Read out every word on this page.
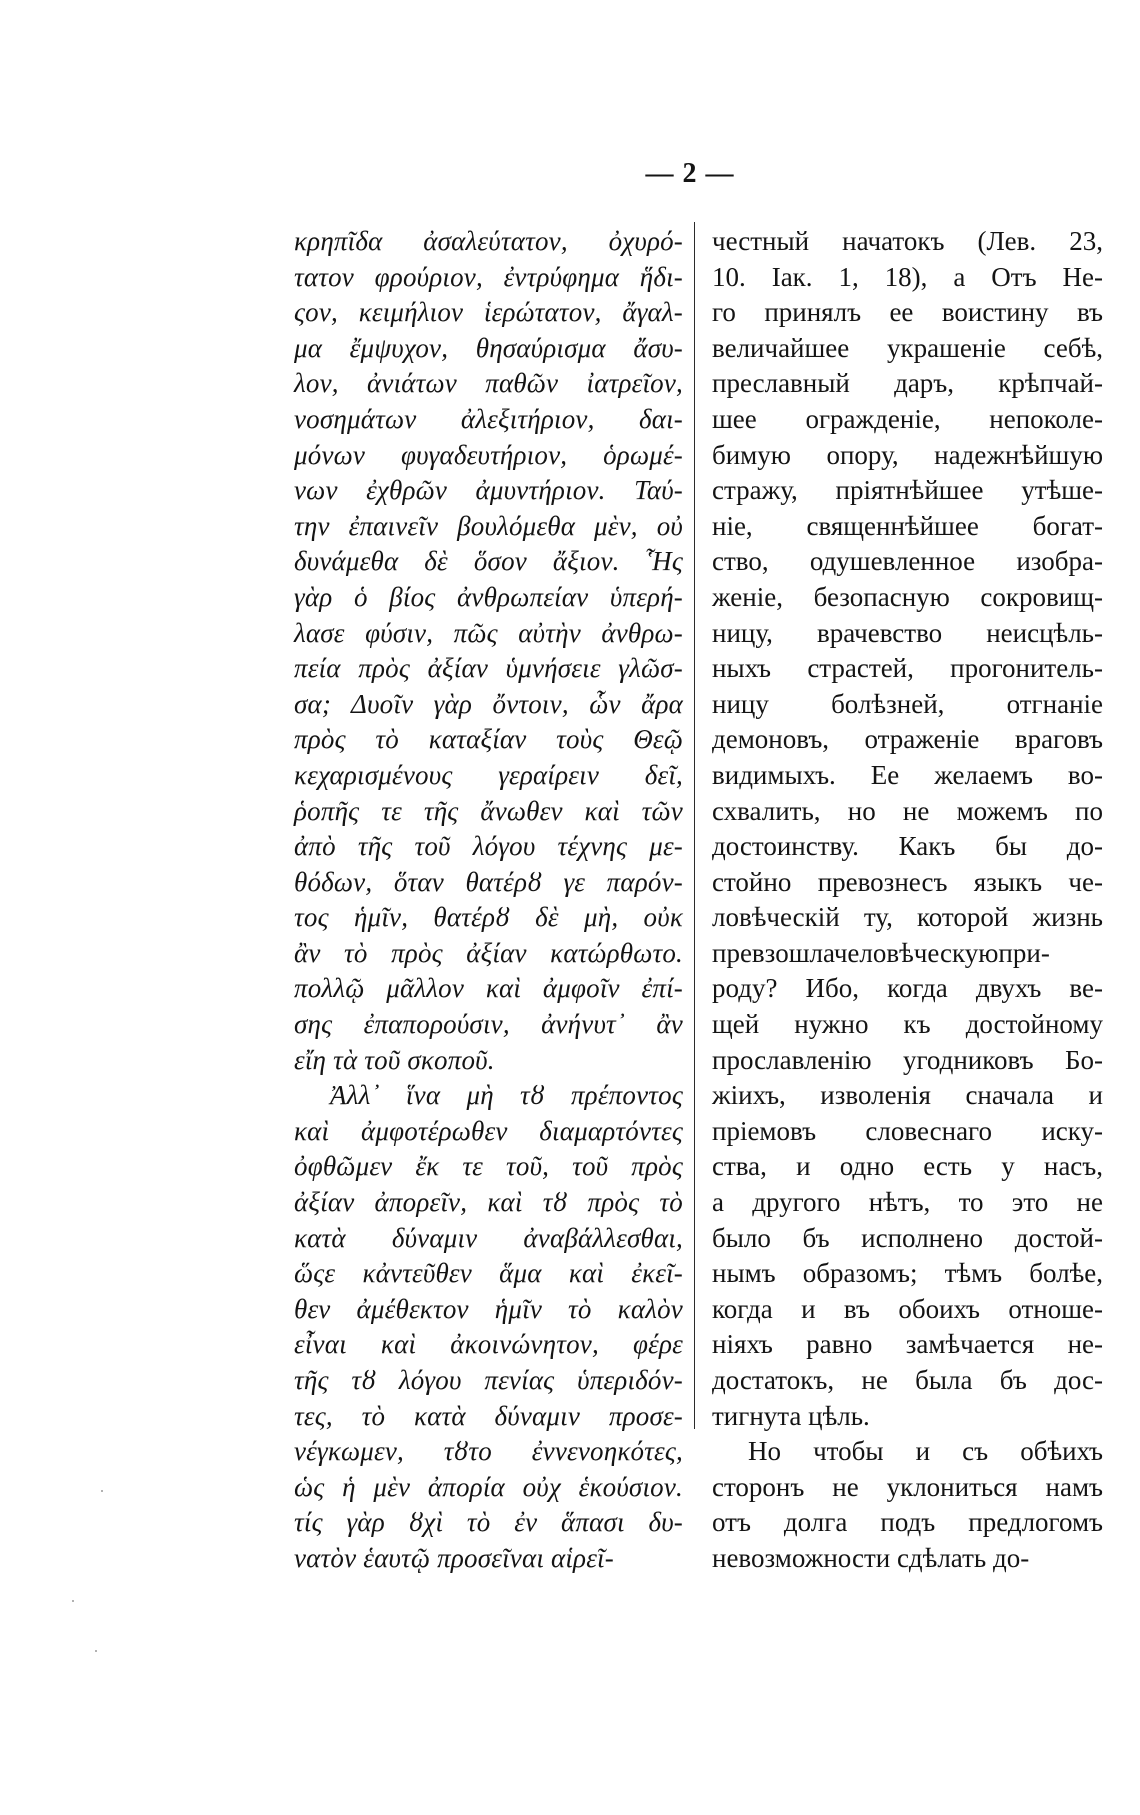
— 2 —
κρηπῖδα ἀσαλεύτατον, ὀχυρό-
τατον φρούριον, ἐντρύφημα ἥδι-
ςον, κειμήλιον ἱερώτατον, ἄγαλ-
μα ἔμψυχον, θησαύρισμα ἄσυ-
λον, ἀνιάτων παθῶν ἰατρεῖον,
νοσημάτων ἀλεξιτήριον, δαι-
μόνων φυγαδευτήριον, ὁρωμέ-
νων ἐχθρῶν ἀμυντήριον. Ταύ-
την ἐπαινεῖν βουλόμεθα μὲν, οὐ
δυνάμεθα δὲ ὅσον ἄξιον. Ἧς
γὰρ ὁ βίος ἀνθρωπείαν ὑπερή-
λασε φύσιν, πῶς αὐτὴν ἀνθρω-
πεία πρὸς ἀξίαν ὑμνήσειε γλῶσ-
σα; Δυοῖν γὰρ ὄντοιν, ὧν ἄρα
πρὸς τὸ καταξίαν τοὺς Θεῷ
κεχαρισμένους γεραίρειν δεῖ,
ῥοπῆς τε τῆς ἄνωθεν καὶ τῶν
ἀπὸ τῆς τοῦ λόγου τέχνης με-
θόδων, ὅταν θατέρȣ γε παρόν-
τος ἡμῖν, θατέρȣ δὲ μὴ, οὐκ
ἂν τὸ πρὸς ἀξίαν κατώρθωτο.
πολλῷ μᾶλλον καὶ ἀμφοῖν ἐπί-
σης ἐπαπορούσιν, ἀνήνυτ᾽ ἂν
εἴη τὰ τοῦ σκοποῦ.
Ἀλλ᾽ ἵνα μὴ τȣ πρέποντος
καὶ ἀμφοτέρωθεν διαμαρτόντες
ὀφθῶμεν ἔκ τε τοῦ, τοῦ πρὸς
ἀξίαν ἀπορεῖν, καὶ τȣ πρὸς τὸ
κατὰ δύναμιν ἀναβάλλεσθαι,
ὥςε κἀντεῦθεν ἅμα καὶ ἐκεῖ-
θεν ἀμέθεκτον ἡμῖν τὸ καλὸν
εἶναι καὶ ἀκοινώνητον, φέρε
τῆς τȣ λόγου πενίας ὑπεριδόν-
τες, τὸ κατὰ δύναμιν προσε-
νέγκωμεν, τȣτο ἐννενοηκότες,
ὡς ἡ μὲν ἀπορία οὐχ ἑκούσιον.
τίς γὰρ ȣχὶ τὸ ἐν ἅπασι δυ-
νατὸν ἑαυτῷ προσεῖναι αἱρεῖ-
честный начатокъ (Лев. 23,
10. Іак. 1, 18), а Отъ Не-
го принялъ ее воистину въ
величайшее украшеніе себѣ,
преславный даръ, крѣпчай-
шее огражденіе, непоколе-
бимую опору, надежнѣйшую
стражу, пріятнѣйшее утѣше-
ніе, священнѣйшее богат-
ство, одушевленное изобра-
женіе, безопасную сокровищ-
ницу, врачевство неисцѣль-
ныхъ страстей, прогонитель-
ницу болѣзней, отгнаніе
демоновъ, отраженіе враговъ
видимыхъ. Ее желаемъ во-
схвалить, но не можемъ по
достоинству. Какъ бы до-
стойно превознесъ языкъ че-
ловѣческій ту, которой жизнь
превзошлачеловѣческуюпри-
роду? Ибо, когда двухъ ве-
щей нужно къ достойному
прославленію угодниковъ Бо-
жіихъ, изволенія сначала и
пріемовъ словеснаго иску-
ства, и одно есть у насъ,
а другого нѣтъ, то это не
было бъ исполнено достой-
нымъ образомъ; тѣмъ болѣе,
когда и въ обоихъ отноше-
ніяхъ равно замѣчается не-
достатокъ, не была бъ дос-
тигнута цѣль.
Но чтобы и съ обѣихъ
сторонъ не уклониться намъ
отъ долга подъ предлогомъ
невозможности сдѣлать до-
